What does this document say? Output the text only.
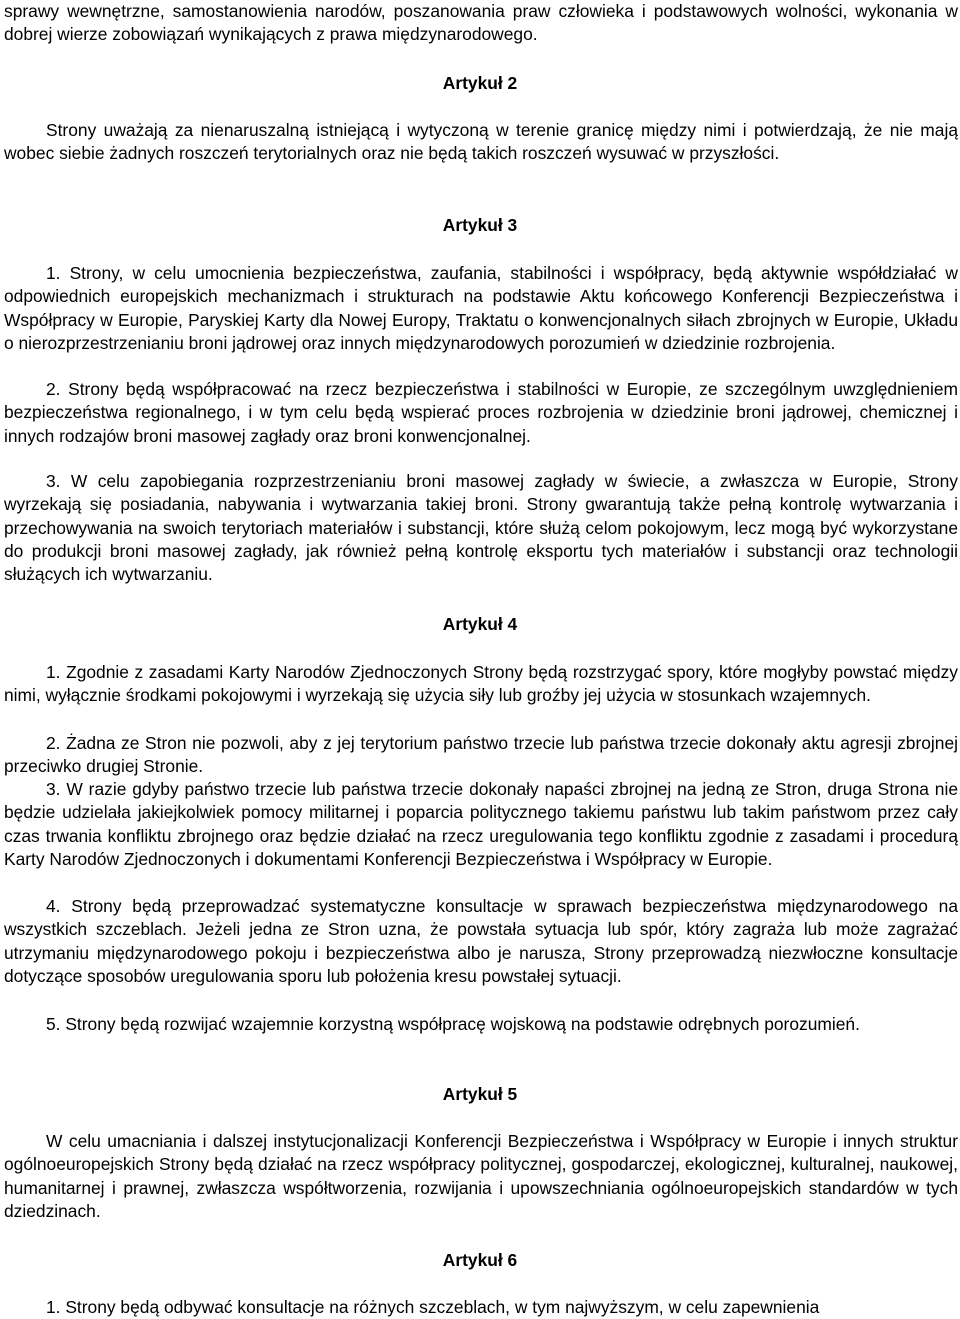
sprawy wewnętrzne, samostanowienia narodów, poszanowania praw człowieka i podstawowych wolności, wykonania w dobrej wierze zobowiązań wynikających z prawa międzynarodowego.

Artykuł 2

Strony uważają za nienaruszalną istniejącą i wytyczoną w terenie granicę między nimi i potwierdzają, że nie mają wobec siebie żadnych roszczeń terytorialnych oraz nie będą takich roszczeń wysuwać w przyszłości.

Artykuł 3

1. Strony, w celu umocnienia bezpieczeństwa, zaufania, stabilności i współpracy, będą aktywnie współdziałać w odpowiednich europejskich mechanizmach i strukturach na podstawie Aktu końcowego Konferencji Bezpieczeństwa i Współpracy w Europie, Paryskiej Karty dla Nowej Europy, Traktatu o konwencjonalnych siłach zbrojnych w Europie, Układu o nierozprzestrzenianiu broni jądrowej oraz innych międzynarodowych porozumień w dziedzinie rozbrojenia.

2. Strony będą współpracować na rzecz bezpieczeństwa i stabilności w Europie, ze szczególnym uwzględnieniem bezpieczeństwa regionalnego, i w tym celu będą wspierać proces rozbrojenia w dziedzinie broni jądrowej, chemicznej i innych rodzajów broni masowej zagłady oraz broni konwencjonalnej.

3. W celu zapobiegania rozprzestrzenianiu broni masowej zagłady w świecie, a zwłaszcza w Europie, Strony wyrzekają się posiadania, nabywania i wytwarzania takiej broni. Strony gwarantują także pełną kontrolę wytwarzania i przechowywania na swoich terytoriach materiałów i substancji, które służą celom pokojowym, lecz mogą być wykorzystane do produkcji broni masowej zagłady, jak również pełną kontrolę eksportu tych materiałów i substancji oraz technologii służących ich wytwarzaniu.

Artykuł 4

1. Zgodnie z zasadami Karty Narodów Zjednoczonych Strony będą rozstrzygać spory, które mogłyby powstać między nimi, wyłącznie środkami pokojowymi i wyrzekają się użycia siły lub groźby jej użycia w stosunkach wzajemnych.

2. Żadna ze Stron nie pozwoli, aby z jej terytorium państwo trzecie lub państwa trzecie dokonały aktu agresji zbrojnej przeciwko drugiej Stronie.

3. W razie gdyby państwo trzecie lub państwa trzecie dokonały napaści zbrojnej na jedną ze Stron, druga Strona nie będzie udzielała jakiejkolwiek pomocy militarnej i poparcia politycznego takiemu państwu lub takim państwom przez cały czas trwania konfliktu zbrojnego oraz będzie działać na rzecz uregulowania tego konfliktu zgodnie z zasadami i procedurą Karty Narodów Zjednoczonych i dokumentami Konferencji Bezpieczeństwa i Współpracy w Europie.

4. Strony będą przeprowadzać systematyczne konsultacje w sprawach bezpieczeństwa międzynarodowego na wszystkich szczeblach. Jeżeli jedna ze Stron uzna, że powstała sytuacja lub spór, który zagraża lub może zagrażać utrzymaniu międzynarodowego pokoju i bezpieczeństwa albo je narusza, Strony przeprowadzą niezwłoczne konsultacje dotyczące sposobów uregulowania sporu lub położenia kresu powstałej sytuacji.

5. Strony będą rozwijać wzajemnie korzystną współpracę wojskową na podstawie odrębnych porozumień.

Artykuł 5

W celu umacniania i dalszej instytucjonalizacji Konferencji Bezpieczeństwa i Współpracy w Europie i innych struktur ogólnoeuropejskich Strony będą działać na rzecz współpracy politycznej, gospodarczej, ekologicznej, kulturalnej, naukowej, humanitarnej i prawnej, zwłaszcza współtworzenia, rozwijania i upowszechniania ogólnoeuropejskich standardów w tych dziedzinach.

Artykuł 6

1. Strony będą odbywać konsultacje na różnych szczeblach, w tym najwyższym, w celu zapewnienia
